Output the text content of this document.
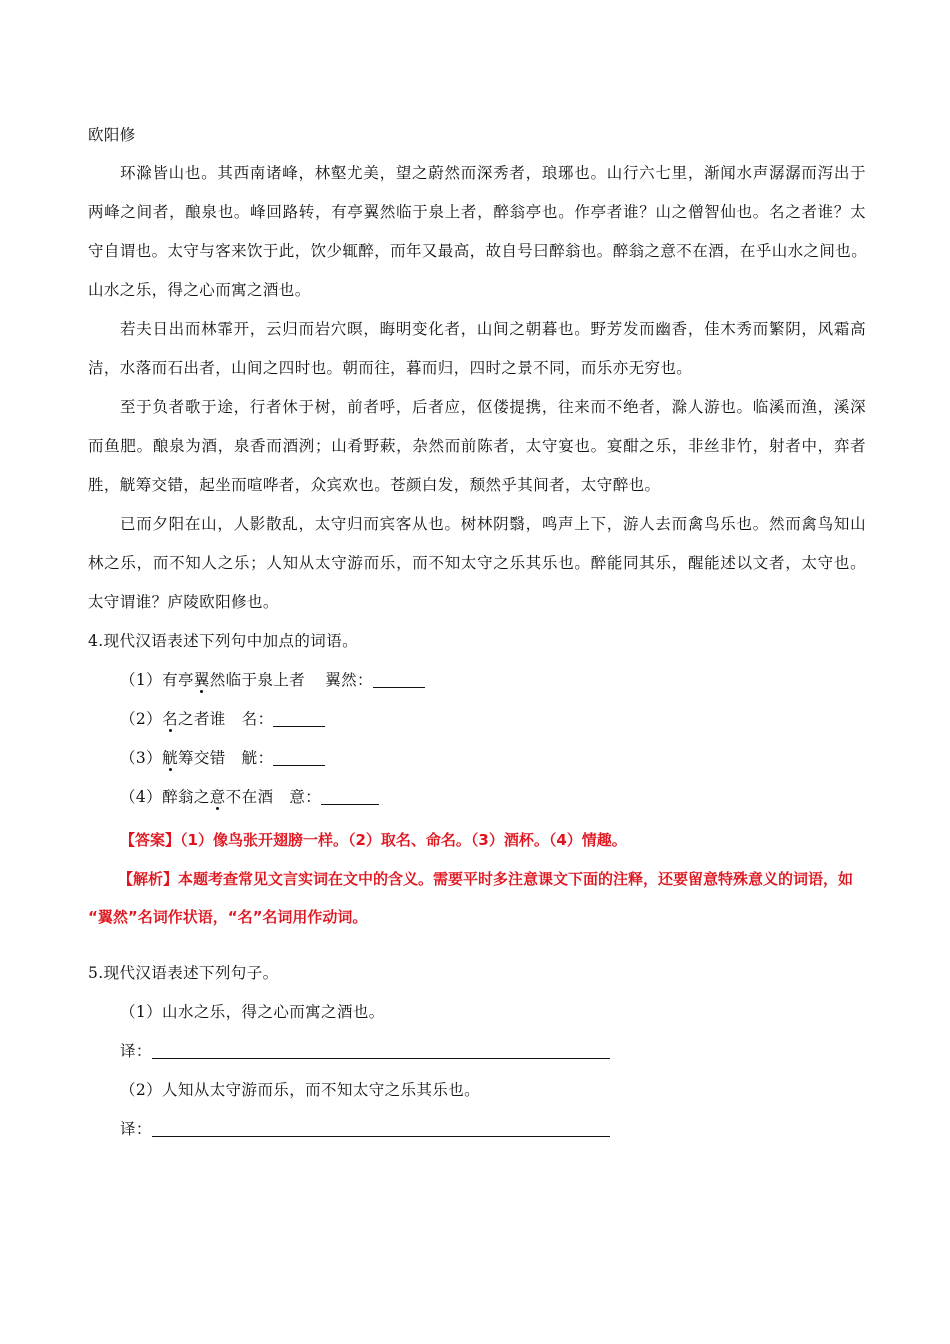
欧阳修
环滁皆山也。其西南诸峰，林壑尤美，望之蔚然而深秀者，琅琊也。山行六七里，渐闻水声潺潺而泻出于
两峰之间者，酿泉也。峰回路转，有亭翼然临于泉上者，醉翁亭也。作亭者谁？山之僧智仙也。名之者谁？太
守自谓也。太守与客来饮于此，饮少辄醉，而年又最高，故自号曰醉翁也。醉翁之意不在酒，在乎山水之间也。
山水之乐，得之心而寓之酒也。
若夫日出而林霏开，云归而岩穴暝，晦明变化者，山间之朝暮也。野芳发而幽香，佳木秀而繁阴，风霜高
洁，水落而石出者，山间之四时也。朝而往，暮而归，四时之景不同，而乐亦无穷也。
至于负者歌于途，行者休于树，前者呼，后者应，伛偻提携，往来而不绝者，滁人游也。临溪而渔，溪深
而鱼肥。酿泉为酒，泉香而酒洌；山肴野蔌，杂然而前陈者，太守宴也。宴酣之乐，非丝非竹，射者中，弈者
胜，觥筹交错，起坐而喧哗者，众宾欢也。苍颜白发，颓然乎其间者，太守醉也。
已而夕阳在山，人影散乱，太守归而宾客从也。树林阴翳，鸣声上下，游人去而禽鸟乐也。然而禽鸟知山
林之乐，而不知人之乐；人知从太守游而乐，而不知太守之乐其乐也。醉能同其乐，醒能述以文者，太守也。
太守谓谁？庐陵欧阳修也。
4.现代汉语表述下列句中加点的词语。
（1）有亭翼然临于泉上者 翼然：
（2）名之者谁 名：
（3）觥筹交错 觥：
（4）醉翁之意不在酒 意：
【答案】（1）像鸟张开翅膀一样。（2）取名、命名。（3）酒杯。（4）情趣。
【解析】本题考查常见文言实词在文中的含义。需要平时多注意课文下面的注释，还要留意特殊意义的词语，如
“翼然”名词作状语，“名”名词用作动词。
5.现代汉语表述下列句子。
（1）山水之乐，得之心而寓之酒也。
译：
（2）人知从太守游而乐，而不知太守之乐其乐也。
译：
